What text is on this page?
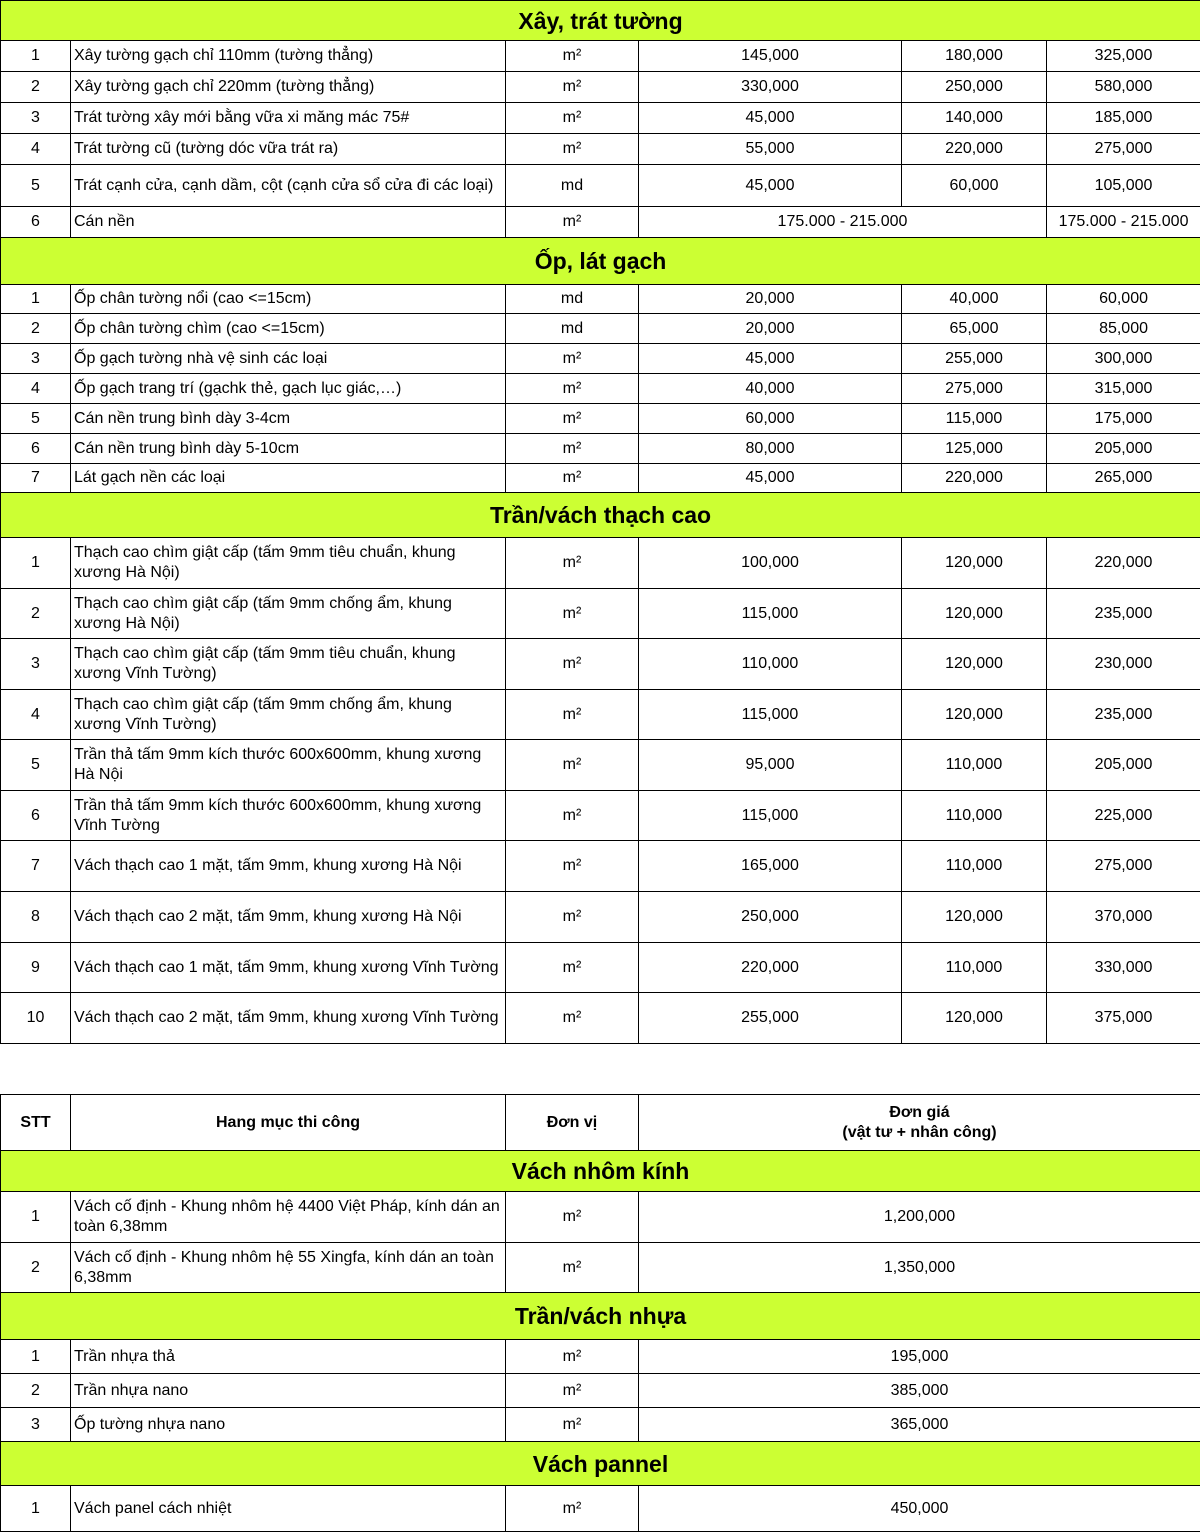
Xây, trát tường					
1	Xây tường gạch chỉ 110mm (tường thẳng)	m²	145,000	180,000	325,000
2	Xây tường gạch chỉ 220mm (tường thẳng)	m²	330,000	250,000	580,000
3	Trát tường xây mới bằng vữa xi măng mác 75#	m²	45,000	140,000	185,000
4	Trát tường cũ (tường dóc vữa trát ra)	m²	55,000	220,000	275,000
5	Trát cạnh cửa, cạnh dầm, cột (cạnh cửa sổ cửa đi các loại)	md	45,000	60,000	105,000
6	Cán nền	m²	175.000 - 215.000		175.000 - 215.000
Ốp, lát gạch					
1	Ốp chân tường nổi (cao <=15cm)	md	20,000	40,000	60,000
2	Ốp chân tường chìm (cao <=15cm)	md	20,000	65,000	85,000
3	Ốp gạch tường nhà vệ sinh các loại	m²	45,000	255,000	300,000
4	Ốp gạch trang trí (gạchk thẻ, gạch lục giác,…)	m²	40,000	275,000	315,000
5	Cán nền trung bình dày 3-4cm	m²	60,000	115,000	175,000
6	Cán nền trung bình dày 5-10cm	m²	80,000	125,000	205,000
7	Lát gạch nền các loại	m²	45,000	220,000	265,000
Trần/vách thạch cao					
1	Thạch cao chìm giật cấp (tấm 9mm tiêu chuẩn, khung xương Hà Nội)	m²	100,000	120,000	220,000
2	Thạch cao chìm giật cấp (tấm 9mm chống ẩm, khung xương Hà Nội)	m²	115,000	120,000	235,000
3	Thạch cao chìm giật cấp (tấm 9mm tiêu chuẩn, khung xương Vĩnh Tường)	m²	110,000	120,000	230,000
4	Thạch cao chìm giật cấp (tấm 9mm chống ẩm, khung xương Vĩnh Tường)	m²	115,000	120,000	235,000
5	Trần thả tấm 9mm kích thước 600x600mm, khung xương Hà Nội	m²	95,000	110,000	205,000
6	Trần thả tấm 9mm kích thước 600x600mm, khung xương Vĩnh Tường	m²	115,000	110,000	225,000
7	Vách thạch cao 1 mặt, tấm 9mm, khung xương Hà Nội	m²	165,000	110,000	275,000
8	Vách thạch cao 2 mặt, tấm 9mm, khung xương Hà Nội	m²	250,000	120,000	370,000
9	Vách thạch cao 1 mặt, tấm 9mm, khung xương Vĩnh Tường	m²	220,000	110,000	330,000
10	Vách thạch cao 2 mặt, tấm 9mm, khung xương Vĩnh Tường	m²	255,000	120,000	375,000
STT	Hang mục thi công	Đơn vị	Đơn giá
(vật tư + nhân công)

Vách nhôm kính			
1	Vách cố định - Khung nhôm hệ 4400 Việt Pháp, kính dán an toàn 6,38mm	m²	1,200,000
2	Vách cố định - Khung nhôm hệ 55 Xingfa, kính dán an toàn 6,38mm	m²	1,350,000
Trần/vách nhựa			
1	Trần nhựa thả	m²	195,000
2	Trần nhựa nano	m²	385,000
3	Ốp tường nhựa nano	m²	365,000
Vách pannel			
1	Vách panel cách nhiệt	m²	450,000
